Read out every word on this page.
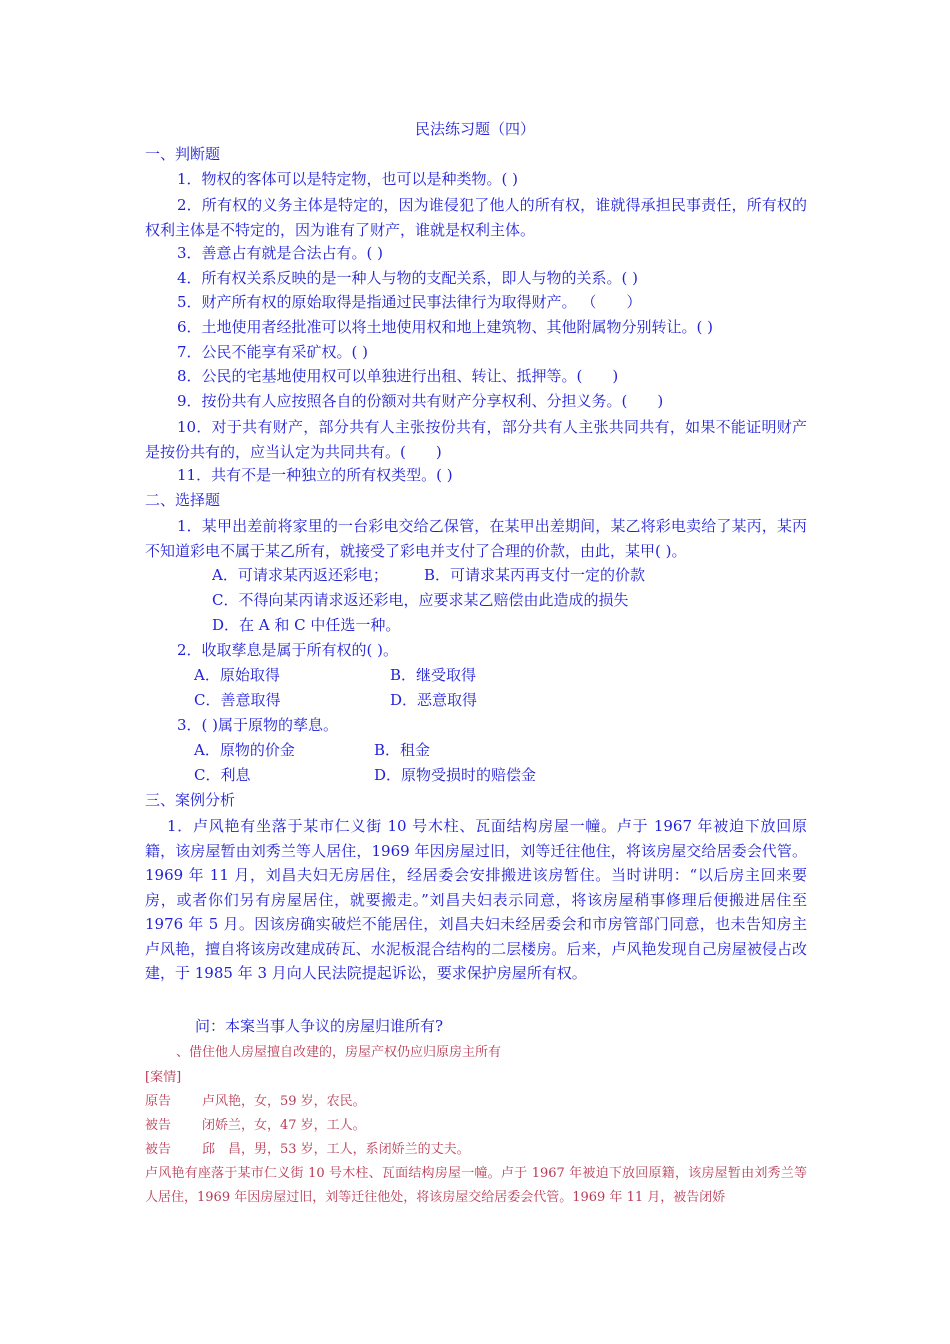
民法练习题（四）
一、判断题
1．物权的客体可以是特定物，也可以是种类物。( )
2．所有权的义务主体是特定的，因为谁侵犯了他人的所有权，谁就得承担民事责任，所有权的权利主体是不特定的，因为谁有了财产，谁就是权利主体。
3．善意占有就是合法占有。( )
4．所有权关系反映的是一种人与物的支配关系，即人与物的关系。( )
5．财产所有权的原始取得是指通过民事法律行为取得财产。 （　　）
6．土地使用者经批准可以将土地使用权和地上建筑物、其他附属物分别转让。( )
7．公民不能享有采矿权。( )
8．公民的宅基地使用权可以单独进行出租、转让、抵押等。(　　)
9．按份共有人应按照各自的份额对共有财产分享权利、分担义务。(　　)
10．对于共有财产，部分共有人主张按份共有，部分共有人主张共同共有，如果不能证明财产是按份共有的，应当认定为共同共有。(　　)
11．共有不是一种独立的所有权类型。( )
二、选择题
1．某甲出差前将家里的一台彩电交给乙保管，在某甲出差期间，某乙将彩电卖给了某丙，某丙不知道彩电不属于某乙所有，就接受了彩电并支付了合理的价款，由此，某甲( )。
A．可请求某丙返还彩电； B．可请求某丙再支付一定的价款
C．不得向某丙请求返还彩电，应要求某乙赔偿由此造成的损失
D．在 A 和 C 中任选一种。
2．收取孳息是属于所有权的( )。
A．原始取得	B．继受取得
C．善意取得	D．恶意取得
3．( )属于原物的孳息。
A．原物的价金	B．租金
C．利息	D．原物受损时的赔偿金
三、案例分析
1．卢风艳有坐落于某市仁义街 10 号木柱、瓦面结构房屋一幢。卢于 1967 年被迫下放回原籍，该房屋暂由刘秀兰等人居住，1969 年因房屋过旧，刘等迁往他住，将该房屋交给居委会代管。1969 年 11 月，刘昌夫妇无房居住，经居委会安排搬进该房暂住。当时讲明：“以后房主回来要房，或者你们另有房屋居住，就要搬走。”刘昌夫妇表示同意，将该房屋稍事修理后便搬进居住至 1976 年 5 月。因该房确实破烂不能居住，刘昌夫妇未经居委会和市房管部门同意，也未告知房主卢风艳，擅自将该房改建成砖瓦、水泥板混合结构的二层楼房。后来，卢风艳发现自己房屋被侵占改建，于 1985 年 3 月向人民法院提起诉讼，要求保护房屋所有权。
问：本案当事人争议的房屋归谁所有?
、借住他人房屋擅自改建的，房屋产权仍应归原房主所有
[案情]
原告 卢风艳，女，59 岁，农民。
被告 闭娇兰，女，47 岁，工人。
被告 邱　昌，男，53 岁，工人，系闭娇兰的丈夫。
卢风艳有座落于某市仁义街 10 号木柱、瓦面结构房屋一幢。卢于 1967 年被迫下放回原籍，该房屋暂由刘秀兰等人居住，1969 年因房屋过旧，刘等迁往他处，将该房屋交给居委会代管。1969 年 11 月，被告闭娇
